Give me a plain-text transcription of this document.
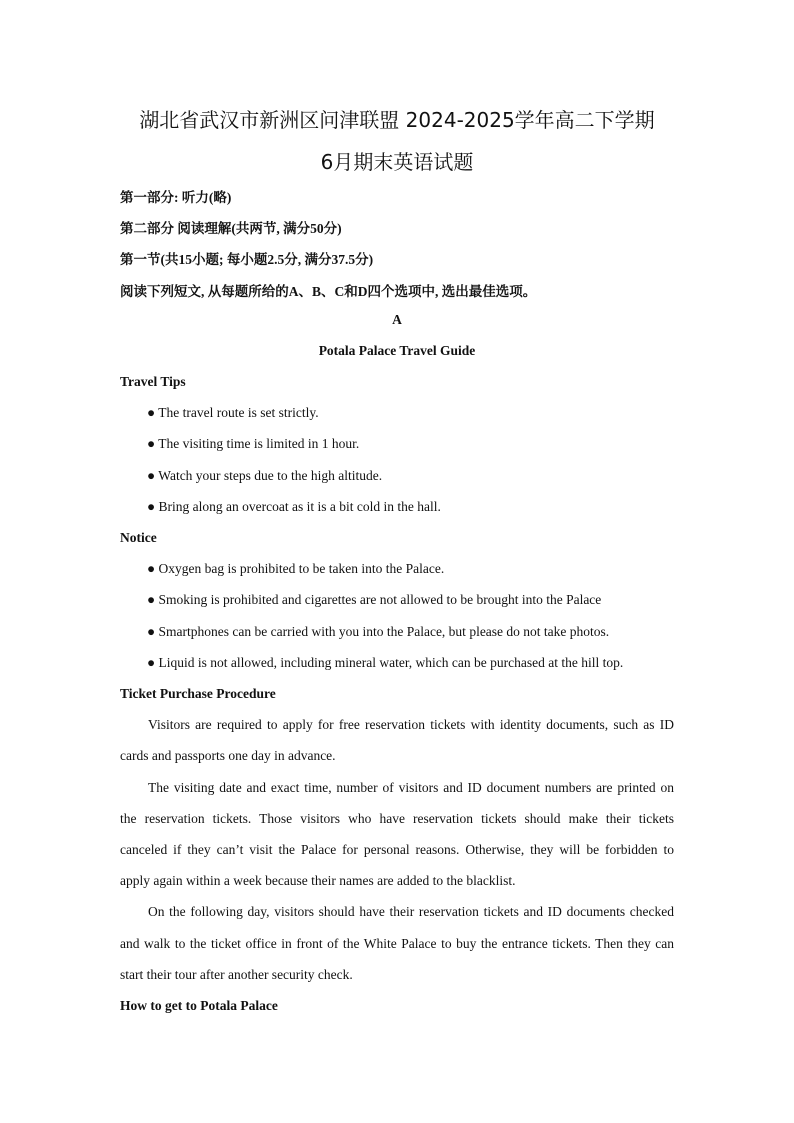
湖北省武汉市新洲区问津联盟 2024-2025学年高二下学期
6月期末英语试题
第一部分: 听力(略)
第二部分 阅读理解(共两节, 满分50分)
第一节(共15小题; 每小题2.5分, 满分37.5分)
阅读下列短文, 从每题所给的A、B、C和D四个选项中, 选出最佳选项。
A
Potala Palace Travel Guide
Travel Tips
● The travel route is set strictly.
● The visiting time is limited in 1 hour.
● Watch your steps due to the high altitude.
● Bring along an overcoat as it is a bit cold in the hall.
Notice
● Oxygen bag is prohibited to be taken into the Palace.
● Smoking is prohibited and cigarettes are not allowed to be brought into the Palace
● Smartphones can be carried with you into the Palace, but please do not take photos.
● Liquid is not allowed, including mineral water, which can be purchased at the hill top.
Ticket Purchase Procedure
Visitors are required to apply for free reservation tickets with identity documents, such as ID
cards and passports one day in advance.
The visiting date and exact time, number of visitors and ID document numbers are printed on
the reservation tickets. Those visitors who have reservation tickets should make their tickets
canceled if they can’t visit the Palace for personal reasons. Otherwise, they will be forbidden to
apply again within a week because their names are added to the blacklist.
On the following day, visitors should have their reservation tickets and ID documents checked
and walk to the ticket office in front of the White Palace to buy the entrance tickets. Then they can
start their tour after another security check.
How to get to Potala Palace
